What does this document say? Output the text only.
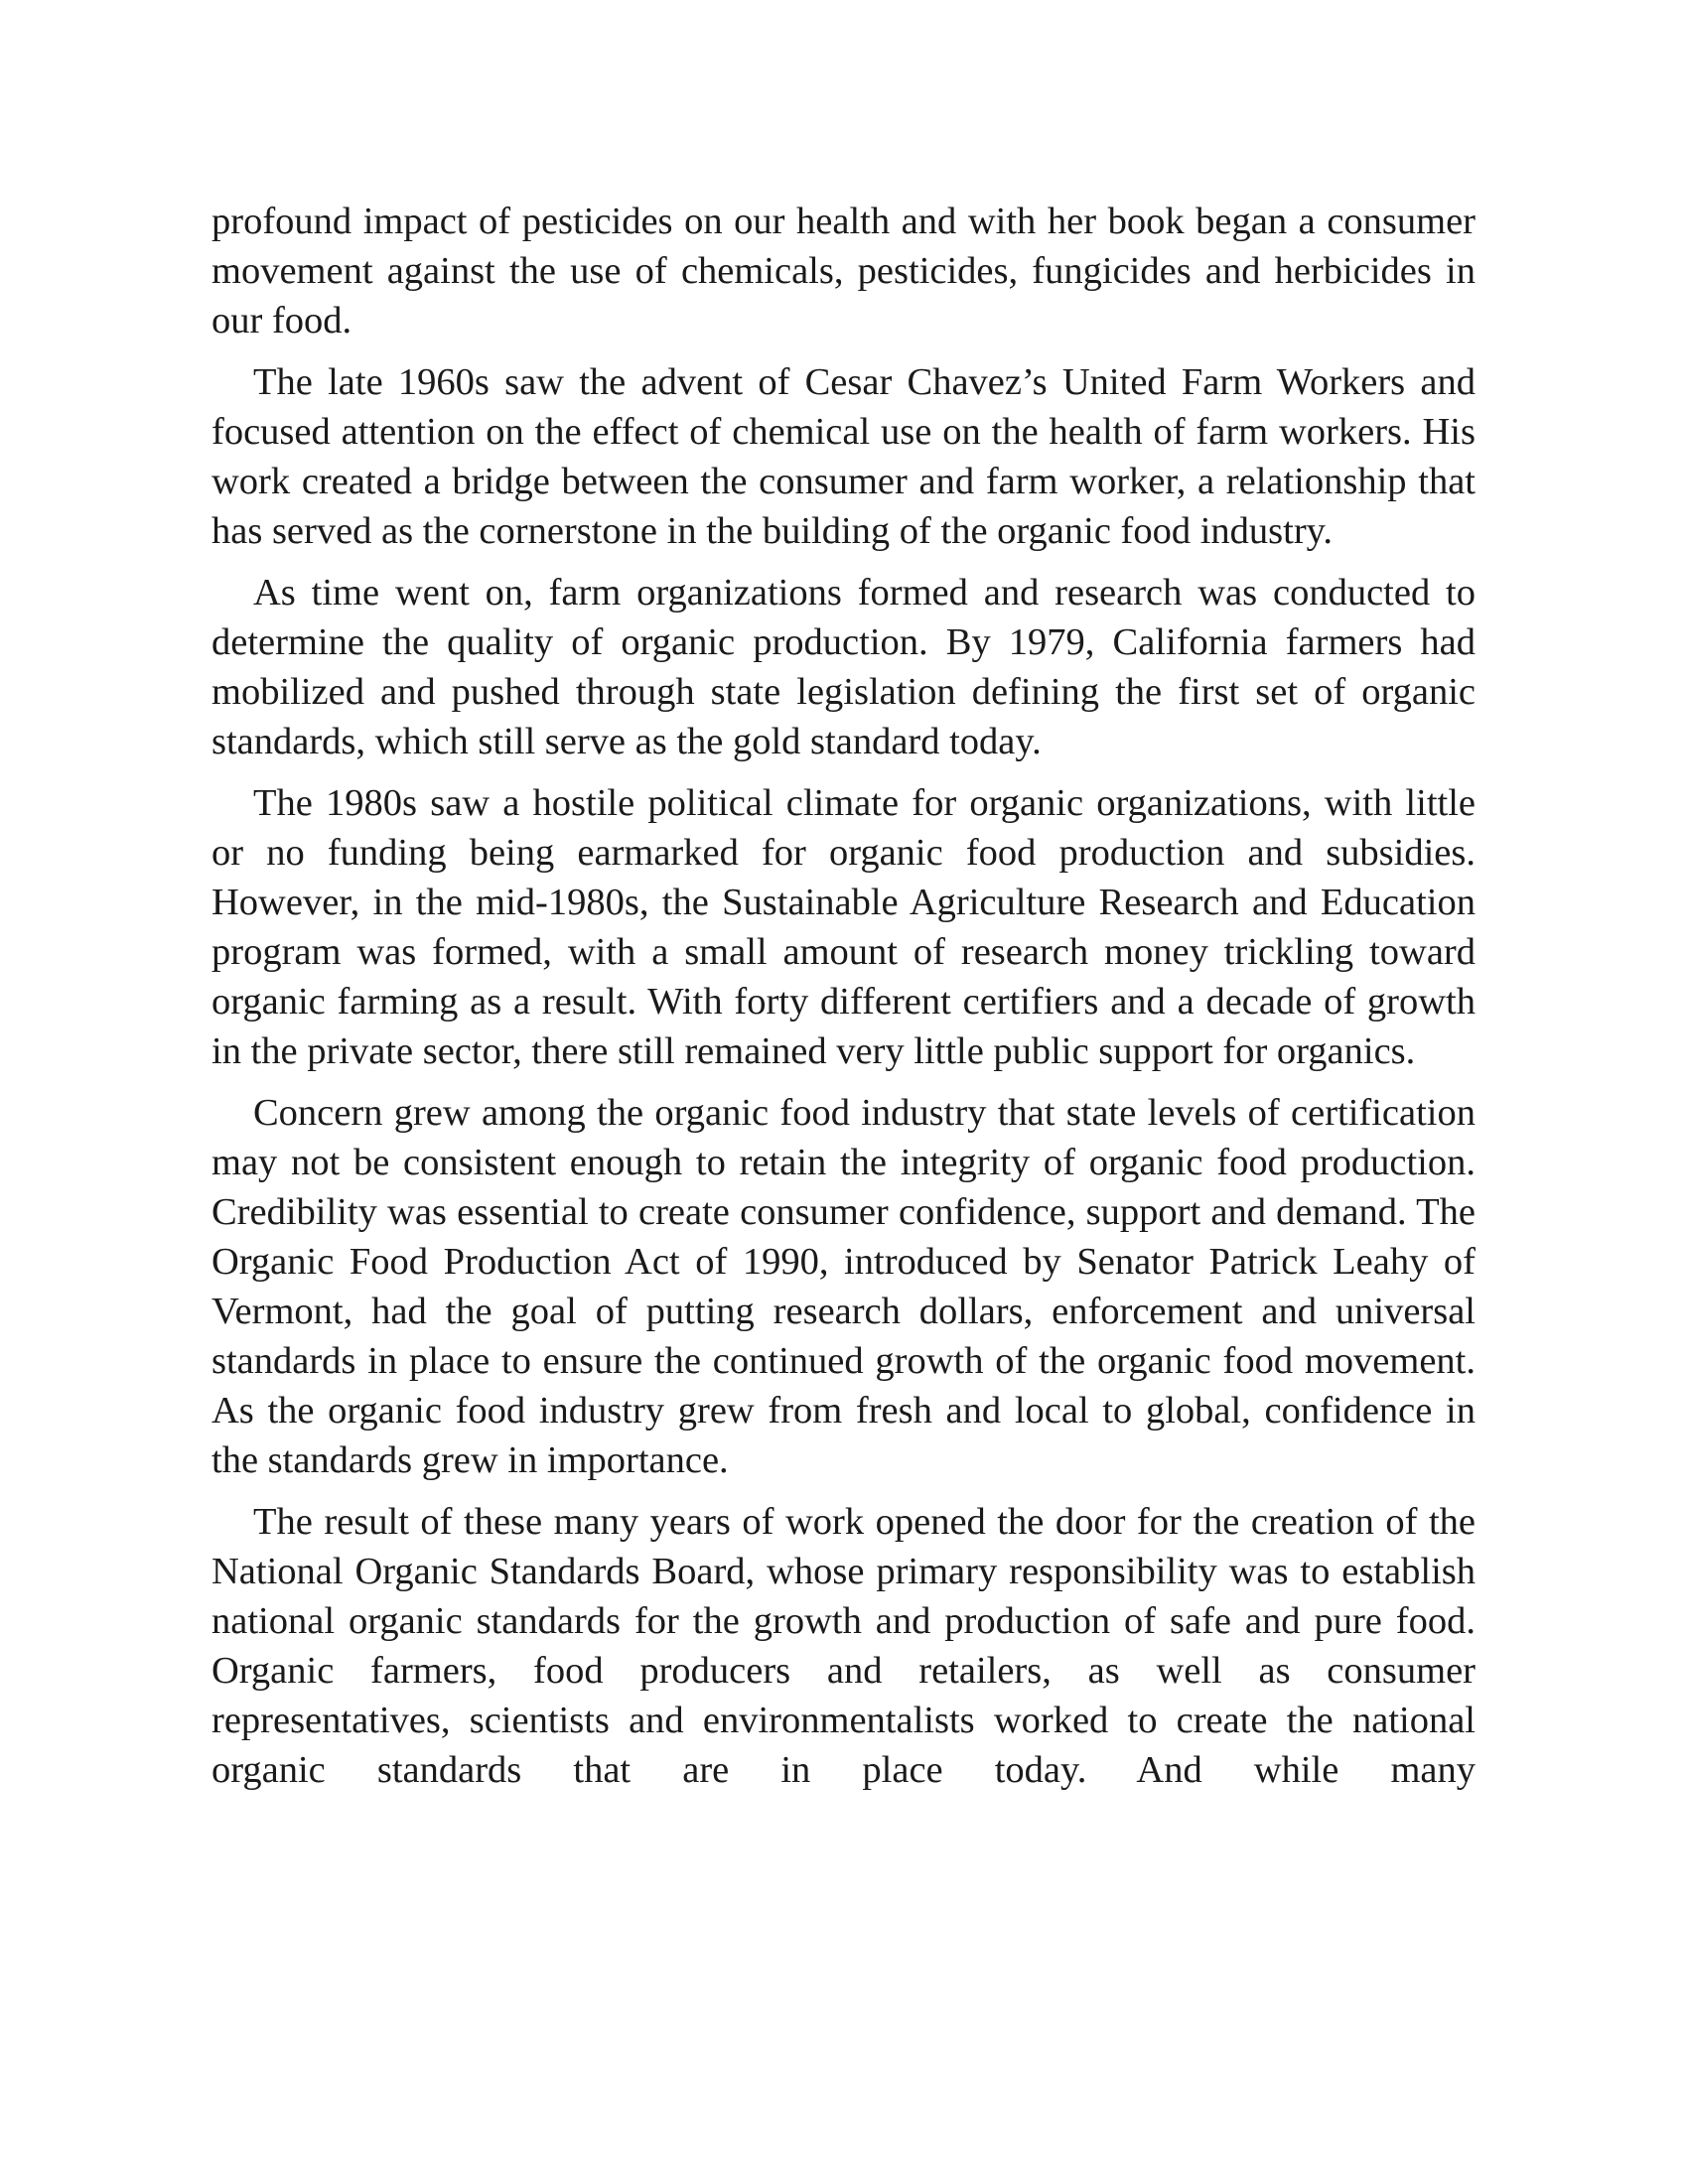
profound impact of pesticides on our health and with her book began a consumer movement against the use of chemicals, pesticides, fungicides and herbicides in our food.

The late 1960s saw the advent of Cesar Chavez’s United Farm Workers and focused attention on the effect of chemical use on the health of farm workers. His work created a bridge between the consumer and farm worker, a relationship that has served as the cornerstone in the building of the organic food industry.

As time went on, farm organizations formed and research was conducted to determine the quality of organic production. By 1979, California farmers had mobilized and pushed through state legislation defining the first set of organic standards, which still serve as the gold standard today.

The 1980s saw a hostile political climate for organic organizations, with little or no funding being earmarked for organic food production and subsidies. However, in the mid-1980s, the Sustainable Agriculture Research and Education program was formed, with a small amount of research money trickling toward organic farming as a result. With forty different certifiers and a decade of growth in the private sector, there still remained very little public support for organics.

Concern grew among the organic food industry that state levels of certification may not be consistent enough to retain the integrity of organic food production. Credibility was essential to create consumer confidence, support and demand. The Organic Food Production Act of 1990, introduced by Senator Patrick Leahy of Vermont, had the goal of putting research dollars, enforcement and universal standards in place to ensure the continued growth of the organic food movement. As the organic food industry grew from fresh and local to global, confidence in the standards grew in importance.

The result of these many years of work opened the door for the creation of the National Organic Standards Board, whose primary responsibility was to establish national organic standards for the growth and production of safe and pure food. Organic farmers, food producers and retailers, as well as consumer representatives, scientists and environmentalists worked to create the national organic standards that are in place today. And while many
